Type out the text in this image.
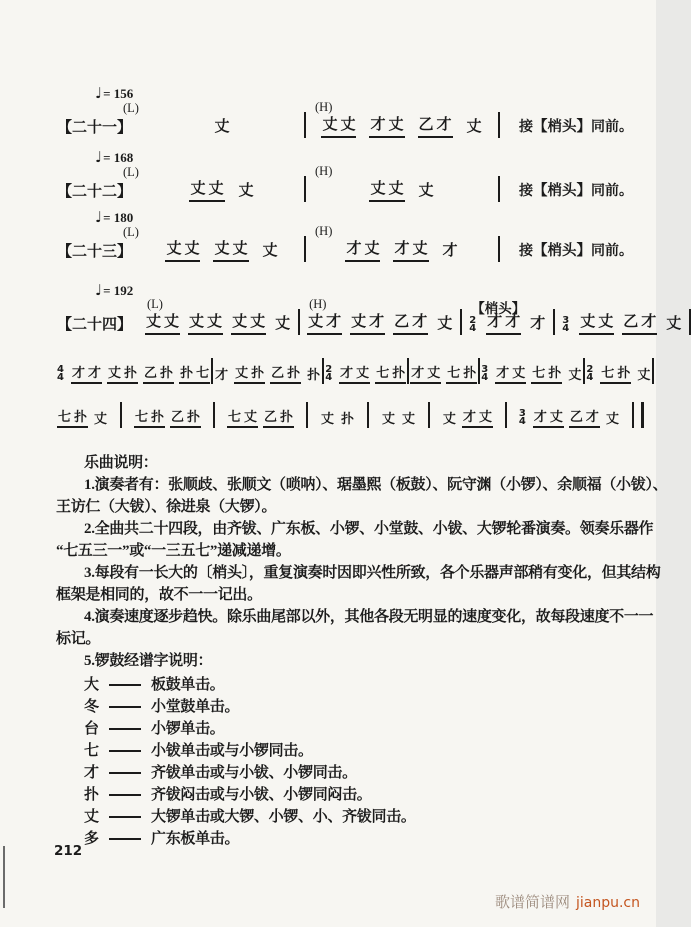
♩= 156
(L)
【二十一】
	丈
(H)
丈 丈 才 丈 乙 才 丈	接【梢头】同前。
♩= 168
(L)
【二十二】
	丈 丈 丈
(H)
丈 丈 丈	接【梢头】同前。
♩= 180
(L)
【二十三】
	丈 丈 丈 丈 丈
(H)
才 丈 才 丈 才	接【梢头】同前。
♩= 192
【二十四】
(L)
丈 丈 丈 丈 丈 丈 丈
(H)
丈 才 丈 才 乙 才 丈
【梢头】
2
4 才 才 才
3
4 丈 丈 乙 才 丈
4
4 才 才 丈 扑 乙 扑 扑 七 才 丈 扑 乙 扑 扑 2
4 才 丈 七 扑 才 丈 七 扑 3
4 才 丈 七 扑 丈 2
4 七 扑 丈
七 扑 丈 七 扑 乙 扑 七 丈 乙 扑 丈 扑 丈 丈 丈 才 丈	3
4 才 丈 乙 才 丈
乐曲说明：
1.演奏者有：张顺歧、张顺文（唢呐）、琚墨熙（板鼓）、阮守渊（小锣）、余顺福（小钹）、
王访仁（大钹）、徐进泉（大锣）。
2.全曲共二十四段，由齐钹、广东板、小锣、小堂鼓、小钹、大锣轮番演奏。领奏乐器作
“七五三一”或“一三五七”递减递增。
3.每段有一长大的〔梢头〕，重复演奏时因即兴性所致，各个乐器声部稍有变化，但其结构
框架是相同的，故不一一记出。
4.演奏速度逐步趋快。除乐曲尾部以外，其他各段无明显的速度变化，故每段速度不一一
标记。
5.锣鼓经谱字说明：
大	板鼓单击。
冬	小堂鼓单击。
台	小锣单击。
七	小钹单击或与小锣同击。
才	齐钹单击或与小钹、小锣同击。
扑	齐钹闷击或与小钹、小锣同闷击。
丈	大锣单击或大锣、小锣、小、齐钹同击。
多	广东板单击。
212
歌谱简谱网 jianpu.cn
